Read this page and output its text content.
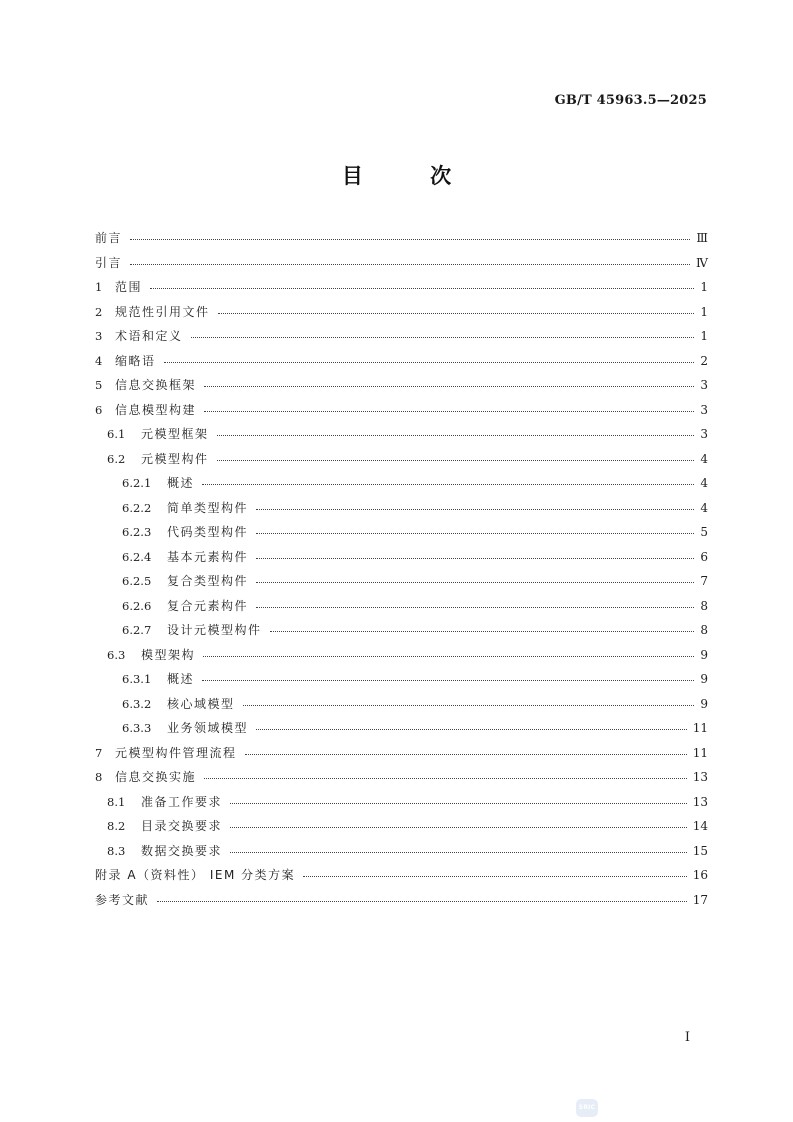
GB/T 45963.5—2025
目 次
前言	Ⅲ
引言	Ⅳ
1	范围	1
2	规范性引用文件	1
3	术语和定义	1
4	缩略语	2
5	信息交换框架	3
6	信息模型构建	3
6.1	元模型框架	3
6.2	元模型构件	4
6.2.1	概述	4
6.2.2	简单类型构件	4
6.2.3	代码类型构件	5
6.2.4	基本元素构件	6
6.2.5	复合类型构件	7
6.2.6	复合元素构件	8
6.2.7	设计元模型构件	8
6.3	模型架构	9
6.3.1	概述	9
6.3.2	核心域模型	9
6.3.3	业务领域模型	11
7	元模型构件管理流程	11
8	信息交换实施	13
8.1	准备工作要求	13
8.2	目录交换要求	14
8.3	数据交换要求	15
附录 A（资料性） IEM 分类方案	16
参考文献	17
I
SRIC
